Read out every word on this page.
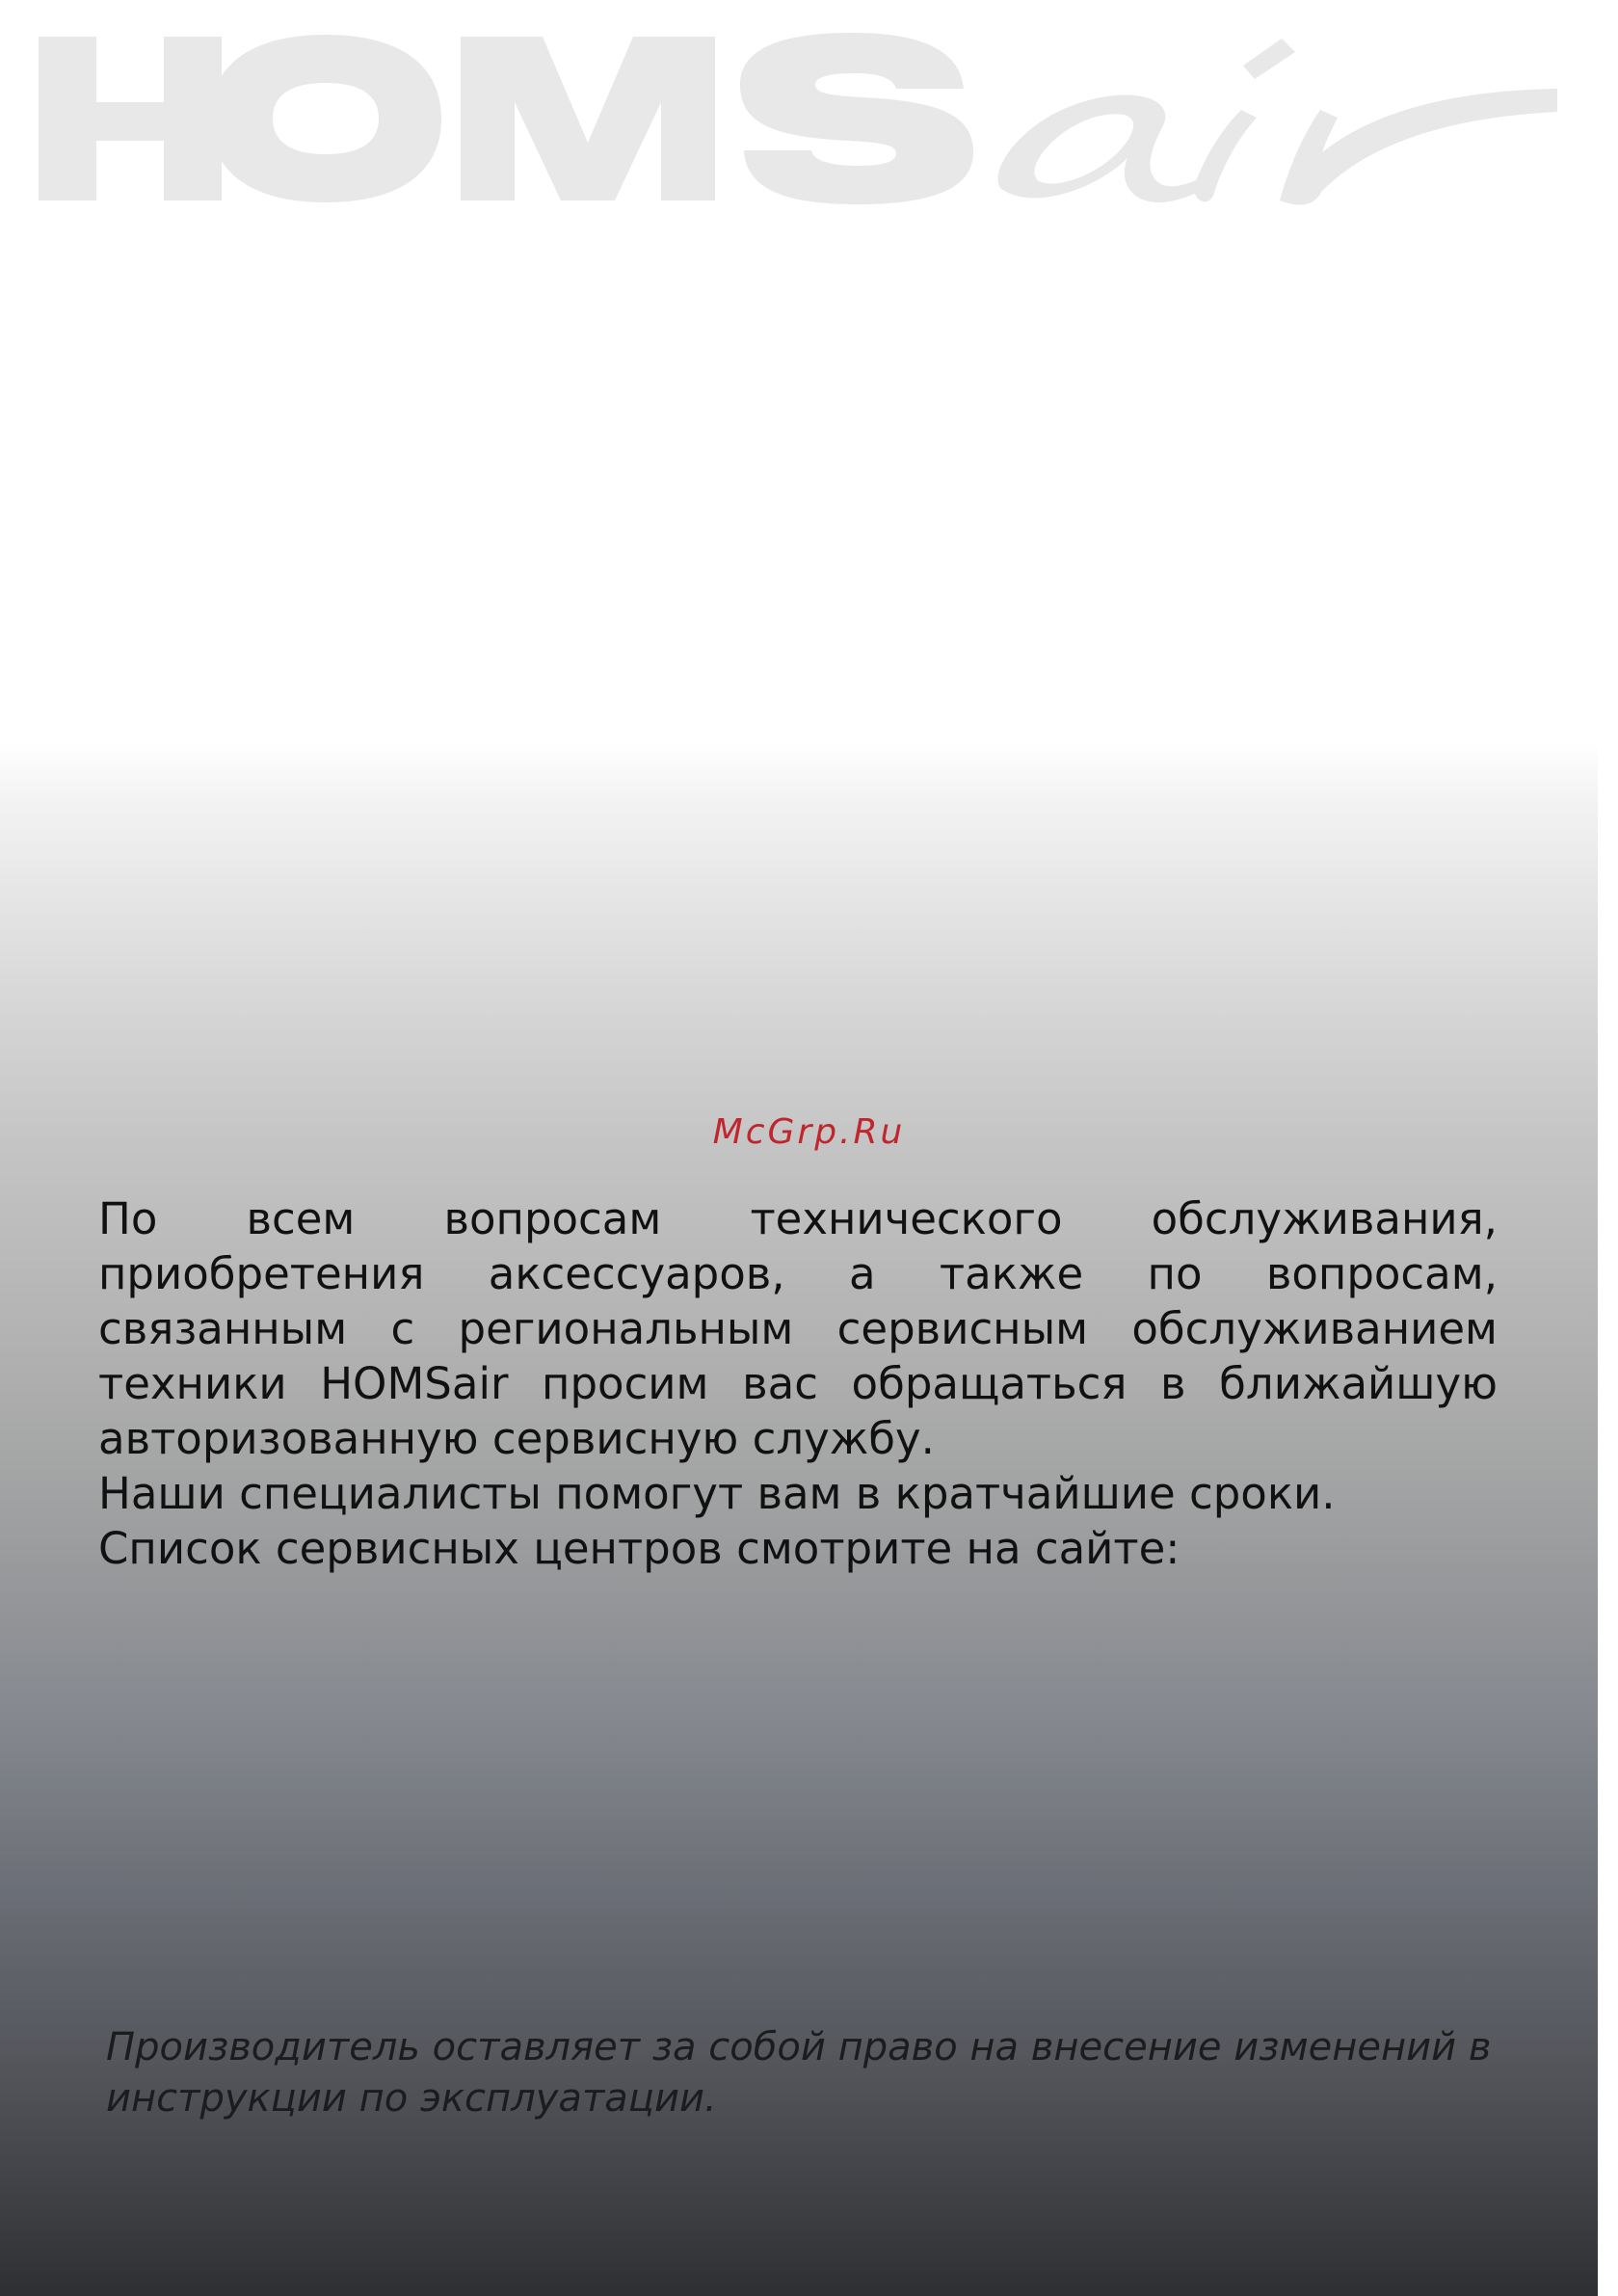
McGrp.Ru

По всем вопросам технического обслуживания, приобретения аксессуаров, а также по вопросам, связанным с региональным сервисным обслуживанием техники HOMSair просим вас обращаться в ближайшую авторизованную сервисную службу.

Наши специалисты помогут вам в кратчайшие сроки.

Список сервисных центров смотрите на сайте:

Производитель оставляет за собой право на внесение изменений в инструкции по эксплуатации.
